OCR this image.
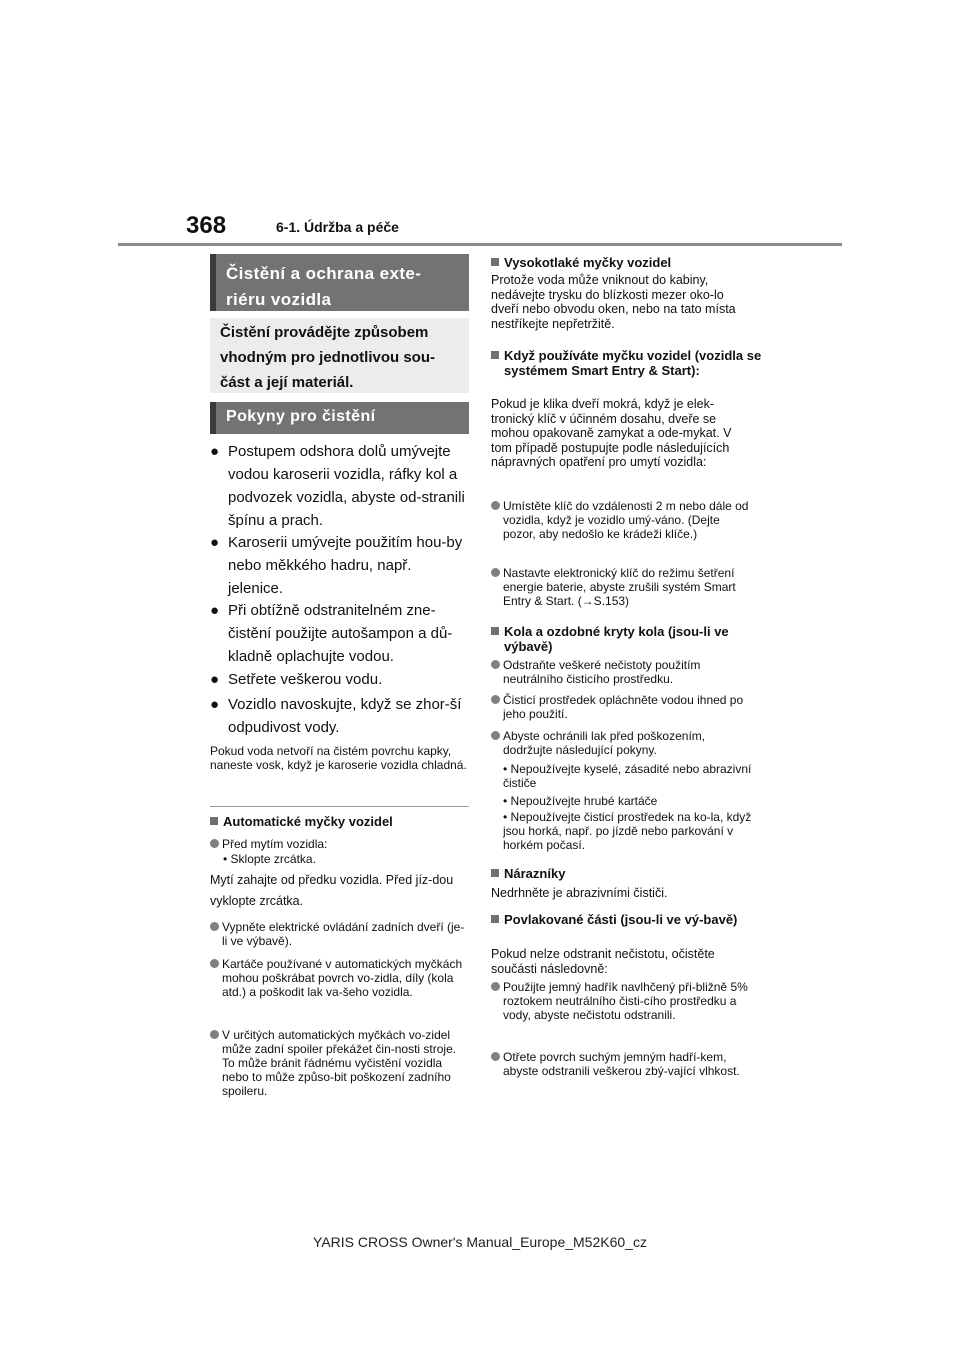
368	6-1. Údržba a péče
Čistění a ochrana exte-riéru vozidla
Čistění provádějte způsobem vhodným pro jednotlivou sou-část a její materiál.
Pokyny pro čistění
● Postupem odshora dolů umývejte vodou karoserii vozidla, ráfky kol a podvozek vozidla, abyste od-stranili špínu a prach.
● Karoserii umývejte použitím hou-by nebo měkkého hadru, např. jelenice.
● Při obtížně odstranitelném zne-čistění použijte autošampon a dů-kladně oplachujte vodou.
● Setřete veškerou vodu.
● Vozidlo navoskujte, když se zhor-ší odpudivost vody.
Pokud voda netvoří na čistém povrchu kapky, naneste vosk, když je karoserie vozidla chladná.
Automatické myčky vozidel
Před mytím vozidla:
• Sklopte zrcátka.
Mytí zahajte od předku vozidla. Před jíz-dou vyklopte zrcátka.
Vypněte elektrické ovládání zadních dveří (je-li ve výbavě).
Kartáče používané v automatických myčkách mohou poškrábat povrch vo-zidla, díly (kola atd.) a poškodit lak va-šeho vozidla.
V určitých automatických myčkách vo-zidel může zadní spoiler překážet čin-nosti stroje. To může bránit řádnému vyčistění vozidla nebo to může způso-bit poškození zadního spoileru.
Vysokotlaké myčky vozidel
Protože voda může vniknout do kabiny, nedávejte trysku do blízkosti mezer oko-lo dveří nebo obvodu oken, nebo na tato místa nestříkejte nepřetržitě.
Když používáte myčku vozidel (vozidla se systémem Smart Entry & Start):
Pokud je klika dveří mokrá, když je elek-tronický klíč v účinném dosahu, dveře se mohou opakovaně zamykat a ode-mykat. V tom případě postupujte podle následujících nápravných opatření pro umytí vozidla:
Umístěte klíč do vzdálenosti 2 m nebo dále od vozidla, když je vozidlo umý-váno. (Dejte pozor, aby nedošlo ke krádeži klíče.)
Nastavte elektronický klíč do režimu šetření energie baterie, abyste zrušili systém Smart Entry & Start. (→S.153)
Kola a ozdobné kryty kola (jsou-li ve výbavě)
Odstraňte veškeré nečistoty použitím neutrálního čisticího prostředku.
Čisticí prostředek opláchněte vodou ihned po jeho použití.
Abyste ochránili lak před poškozením, dodržujte následující pokyny.
• Nepoužívejte kyselé, zásadité nebo abrazivní čističe
• Nepoužívejte hrubé kartáče
• Nepoužívejte čisticí prostředek na ko-la, když jsou horká, např. po jízdě nebo parkování v horkém počasí.
Nárazníky
Nedrhněte je abrazivními čističi.
Povlakované části (jsou-li ve vý-bavě)
Pokud nelze odstranit nečistotu, očistěte součásti následovně:
Použijte jemný hadřík navlhčený při-bližně 5% roztokem neutrálního čisti-cího prostředku a vody, abyste nečistotu odstranili.
Otřete povrch suchým jemným hadří-kem, abyste odstranili veškerou zbý-vající vlhkost.
YARIS CROSS Owner's Manual_Europe_M52K60_cz
